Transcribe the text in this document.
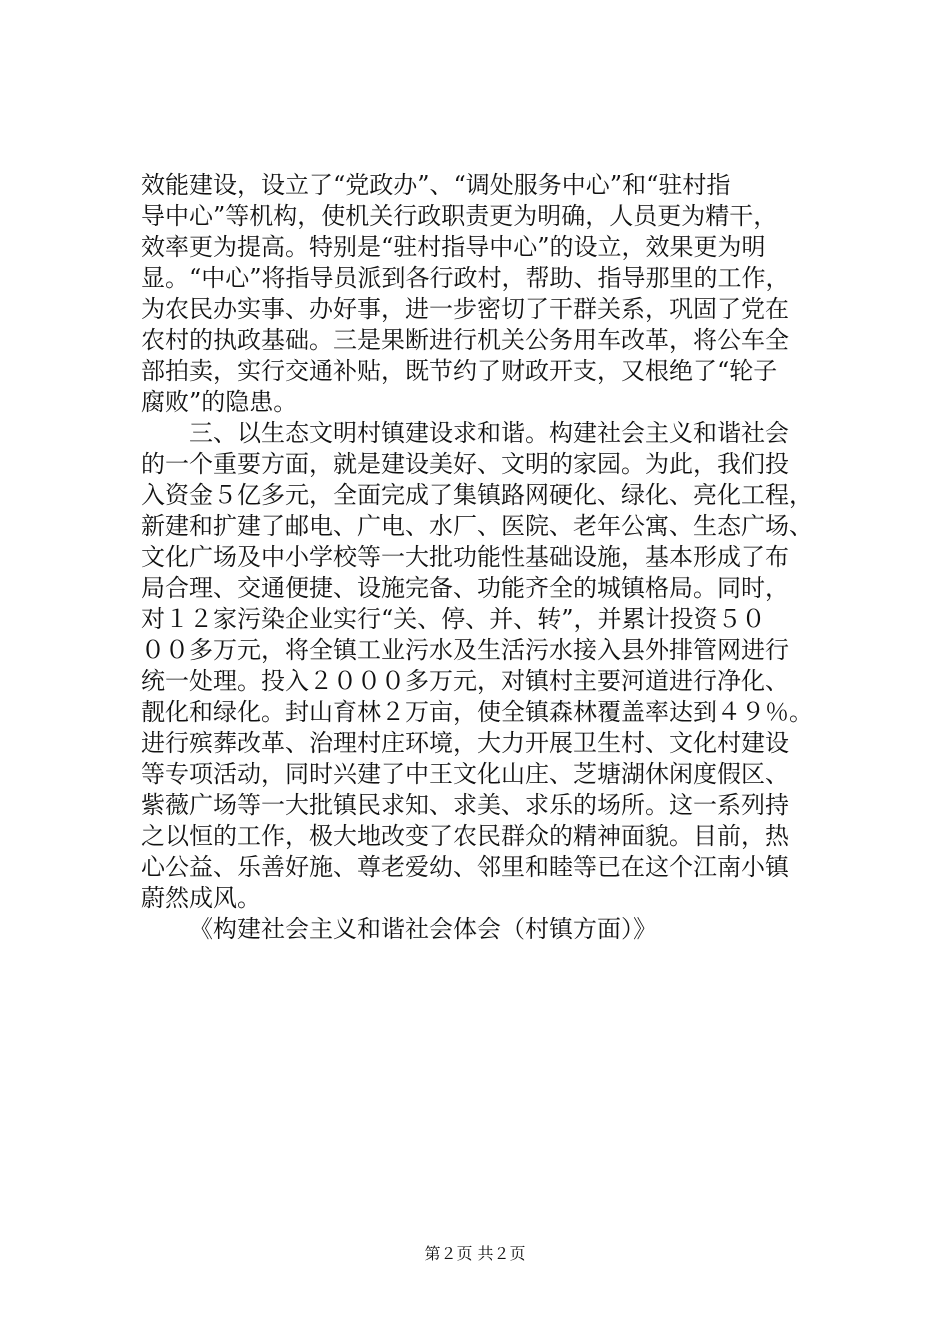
效能建设，设立了“党政办”、“调处服务中心”和“驻村指
导中心”等机构，使机关行政职责更为明确，人员更为精干，
效率更为提高。特别是“驻村指导中心”的设立，效果更为明
显。“中心”将指导员派到各行政村，帮助、指导那里的工作，
为农民办实事、办好事，进一步密切了干群关系，巩固了党在
农村的执政基础。三是果断进行机关公务用车改革，将公车全
部拍卖，实行交通补贴，既节约了财政开支，又根绝了“轮子
腐败”的隐患。
三、以生态文明村镇建设求和谐。构建社会主义和谐社会
的一个重要方面，就是建设美好、文明的家园。为此，我们投
入资金５亿多元，全面完成了集镇路网硬化、绿化、亮化工程，
新建和扩建了邮电、广电、水厂、医院、老年公寓、生态广场、
文化广场及中小学校等一大批功能性基础设施，基本形成了布
局合理、交通便捷、设施完备、功能齐全的城镇格局。同时，
对１２家污染企业实行“关、停、并、转”，并累计投资５０
００多万元，将全镇工业污水及生活污水接入县外排管网进行
统一处理。投入２０００多万元，对镇村主要河道进行净化、
靓化和绿化。封山育林２万亩，使全镇森林覆盖率达到４９％。
进行殡葬改革、治理村庄环境，大力开展卫生村、文化村建设
等专项活动，同时兴建了中王文化山庄、芝塘湖休闲度假区、
紫薇广场等一大批镇民求知、求美、求乐的场所。这一系列持
之以恒的工作，极大地改变了农民群众的精神面貌。目前，热
心公益、乐善好施、尊老爱幼、邻里和睦等已在这个江南小镇
蔚然成风。
《构建社会主义和谐社会体会（村镇方面）》
第２页 共２页
